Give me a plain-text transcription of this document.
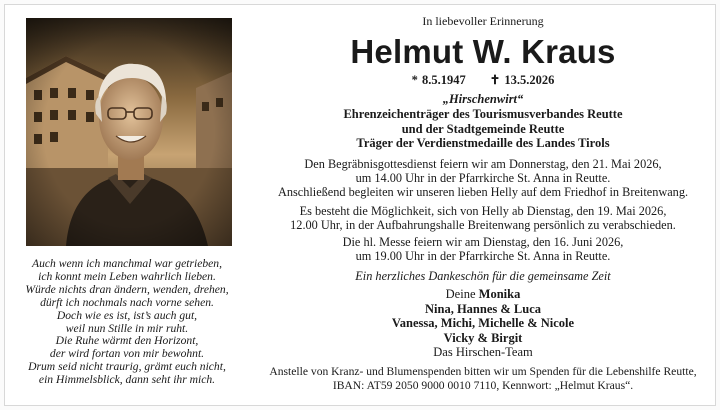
Auch wenn ich manchmal war getrieben,
ich konnt mein Leben wahrlich lieben.
Würde nichts dran ändern, wenden, drehen,
dürft ich nochmals nach vorne sehen.
Doch wie es ist, ist’s auch gut,
weil nun Stille in mir ruht.
Die Ruhe wärmt den Horizont,
der wird fortan von mir bewohnt.
Drum seid nicht traurig, grämt euch nicht,
ein Himmelsblick, dann seht ihr mich.
In liebevoller Erinnerung
Helmut W. Kraus
* 8.5.1947 ✝ 13.5.2026
„Hirschenwirt“
Ehrenzeichenträger des Tourismusverbandes Reutte
und der Stadtgemeinde Reutte
Träger der Verdienstmedaille des Landes Tirols
Den Begräbnisgottesdienst feiern wir am Donnerstag, den 21. Mai 2026,
um 14.00 Uhr in der Pfarrkirche St. Anna in Reutte.
Anschließend begleiten wir unseren lieben Helly auf dem Friedhof in Breitenwang.
Es besteht die Möglichkeit, sich von Helly ab Dienstag, den 19. Mai 2026,
12.00 Uhr, in der Aufbahrungshalle Breitenwang persönlich zu verabschieden.
Die hl. Messe feiern wir am Dienstag, den 16. Juni 2026,
um 19.00 Uhr in der Pfarrkirche St. Anna in Reutte.
Ein herzliches Dankeschön für die gemeinsame Zeit
Deine Monika
Nina, Hannes & Luca
Vanessa, Michi, Michelle & Nicole
Vicky & Birgit
Das Hirschen-Team
Anstelle von Kranz- und Blumenspenden bitten wir um Spenden für die Lebenshilfe Reutte,
IBAN: AT59 2050 9000 0010 7110, Kennwort: „Helmut Kraus“.
